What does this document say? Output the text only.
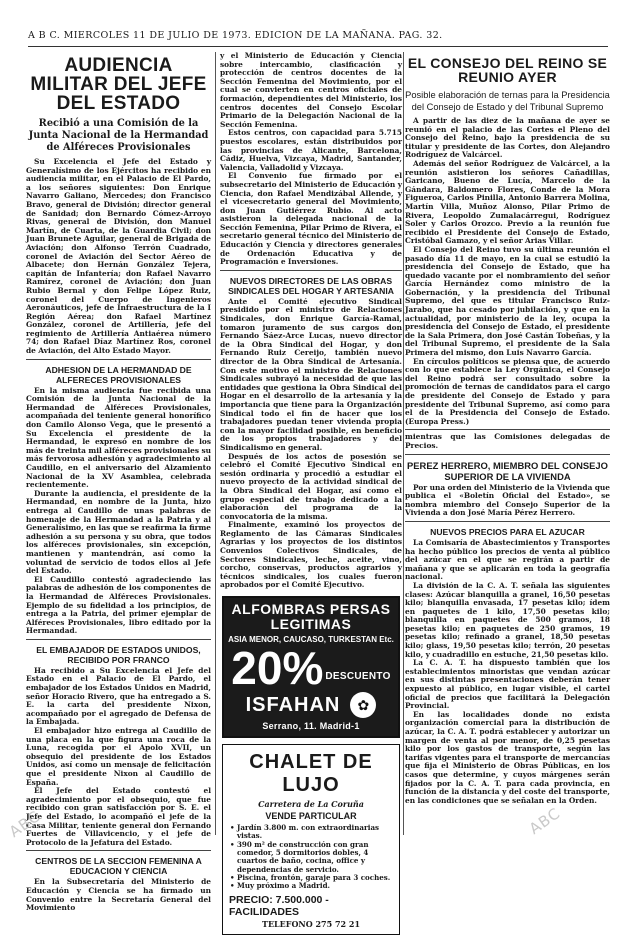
A B C. MIERCOLES 11 DE JULIO DE 1973. EDICION DE LA MAÑANA. PAG. 32.
AUDIENCIA MILITAR DEL JEFE DEL ESTADO
Recibió a una Comisión de la Junta Nacional de la Hermandad de Alféreces Provisionales

Su Excelencia el Jefe del Estado y Generalísimo de los Ejércitos ha recibido en audiencia militar, en el Palacio de El Pardo, a los señores siguientes: Don Enrique Navarro Galiano, Mercedes; don Francisco Bravo, general de División; director general de Sanidad; don Bernardo Cómez-Arroyo Rivas, general de División, don Manuel Martín, de Cuarta, de la Guardia Civil; don Juan Brunete Aguilar, general de Brigada de Aviación; don Alfonso Terrón Cuadrado, coronel de Aviación del Sector Aéreo de Albacete; don Hernán González Tejera, capitán de Infantería; don Rafael Navarro Ramírez, coronel de Aviación; don Juan Rubio Bernal y don Felipe López Ruiz, coronel del Cuerpo de Ingenieros Aeronáuticos, jefe de Infraestructura de la I Región Aérea; don Rafael Martínez González, coronel de Artillería, jefe del regimiento de Artillería Antiaérea número 74; don Rafael Díaz Martínez Ros, coronel de Aviación, del Alto Estado Mayor.

ADHESION DE LA HERMANDAD DE ALFERECES PROVISIONALES

En la misma audiencia fue recibida una Comisión de la Junta Nacional de la Hermandad de Alféreces Provisionales, acompañada del teniente general honorífico don Camilo Alonso Vega, que le presentó a Su Excelencia el presidente de la Hermandad, le expresó en nombre de los más de treinta mil alféreces provisionales su más fervorosa adhesión y agradecimiento al Caudillo, en el aniversario del Alzamiento Nacional de la XV Asamblea, celebrada recientemente.

Durante la audiencia, el presidente de la Hermandad, en nombre de la Junta, hizo entrega al Caudillo de unas palabras de homenaje de la Hermandad a la Patria y al Generalísimo, en las que se reafirma la firme adhesión a su persona y su obra, que todos los alféreces provisionales, sin excepción, mantienen y mantendrán, así como la voluntad de servicio de todos ellos al Jefe del Estado.

El Caudillo contestó agradeciendo las palabras de adhesión de los componentes de la Hermandad de Alféreces Provisionales. Ejemplo de su fidelidad a los principios, de entrega a la Patria, del primer ejemplar de Alféreces Provisionales, libro editado por la Hermandad.

EL EMBAJADOR DE ESTADOS UNIDOS, RECIBIDO POR FRANCO

Ha recibido a Su Excelencia el Jefe del Estado en el Palacio de El Pardo, el embajador de los Estados Unidos en Madrid, señor Horacio Rivero, que ha entregado a S. E. la carta del presidente Nixon, acompañado por el agregado de Defensa de la Embajada.

El embajador hizo entrega al Caudillo de una placa en la que figura una roca de la Luna, recogida por el Apolo XVII, un obsequio del presidente de los Estados Unidos, así como un mensaje de felicitación que el presidente Nixon al Caudillo de España.

El Jefe del Estado contestó el agradecimiento por el obsequio, que fue recibido con gran satisfacción por S. E. el Jefe del Estado, lo acompañó el jefe de la Casa Militar, teniente general don Fernando Fuertes de Villavicencio, y el jefe de Protocolo de la Jefatura del Estado.

CENTROS DE LA SECCION FEMENINA A EDUCACION Y CIENCIA

En la Subsecretaría del Ministerio de Educación y Ciencia se ha firmado un Convenio entre la Secretaría General del Movimiento

y el Ministerio de Educación y Ciencia sobre intercambio, clasificación y protección de centros docentes de la Sección Femenina del Movimiento, por el cual se convierten en centros oficiales de formación, dependientes del Ministerio, los centros docentes del Consejo Escolar Primario de la Delegación Nacional de la Sección Femenina.

Estos centros, con capacidad para 5.715 puestos escolares, están distribuidos por las provincias de Alicante, Barcelona, Cádiz, Huelva, Vizcaya, Madrid, Santander, Valencia, Valladolid y Vizcaya.

El Convenio fue firmado por el subsecretario del Ministerio de Educación y Ciencia, don Rafael Mendizábal Allende, y el vicesecretario general del Movimiento, don Juan Gutiérrez Rubio. Al acto asistieron la delegada nacional de la Sección Femenina, Pilar Primo de Rivera, el secretario general técnico del Ministerio de Educación y Ciencia y directores generales de Ordenación Educativa y de Programación e Inversiones.

NUEVOS DIRECTORES DE LAS OBRAS SINDICALES DEL HOGAR Y ARTESANIA

Ante el Comité ejecutivo Sindical presidido por el ministro de Relaciones Sindicales, don Enrique García-Ramal, tomaron juramento de sus cargos don Fernando Sáez-Arce Lucas, nuevo director de la Obra Sindical del Hogar, y don Fernando Ruiz Cereijo, también nuevo director de la Obra Sindical de Artesanía. Con este motivo el ministro de Relaciones Sindicales subrayó la necesidad de que las entidades que gestiona la Obra Sindical del Hogar en el desarrollo de la artesanía y la importancia que tiene para la Organización Sindical todo el fin de hacer que los trabajadores puedan tener vivienda propia con la mayor facilidad posible, en beneficio de los propios trabajadores y del Sindicalismo en general.

Después de los actos de posesión se celebró el Comité Ejecutivo Sindical en sesión ordinaria y procedió a estudiar el nuevo proyecto de la actividad sindical de la Obra Sindical del Hogar, así como el grupo especial de trabajo dedicado a la elaboración del programa de la convocatoria de la misma.

Finalmente, examinó los proyectos de Reglamento de las Cámaras Sindicales Agrarias y los proyectos de los distintos Convenios Colectivos Sindicales, de Sectores Sindicales, leche, aceite, vino, corcho, conservas, productos agrarios y técnicos sindicales, los cuales fueron aprobados por el Comité Ejecutivo.

ALFOMBRAS PERSAS
LEGITIMAS
ASIA MENOR, CAUCASO, TURKESTAN Etc.
20% DESCUENTO
ISFAHAN	✿
Serrano, 11. Madrid-1
CHALET DE LUJO
Carretera de La Coruña
VENDE PARTICULAR
• Jardín 3.800 m. con extraordinarias vistas.
• 390 m² de construcción con gran comedor, 5 dormitorios dobles, 4 cuartos de baño, cocina, office y dependencias de servicio.
• Piscina, frontón, garaje para 3 coches.
• Muy próximo a Madrid.
PRECIO: 7.500.000 - FACILIDADES
TELEFONO 275 72 21
EL CONSEJO DEL REINO SE REUNIO AYER
Posible elaboración de ternas para la Presidencia del Consejo de Estado y del Tribunal Supremo

A partir de las diez de la mañana de ayer se reunió en el palacio de las Cortes el Pleno del Consejo del Reino, bajo la presidencia de su titular y presidente de las Cortes, don Alejandro Rodríguez de Valcárcel.

Además del señor Rodríguez de Valcárcel, a la reunión asistieron los señores Cañadillas, Garicano, Bueno de Lucía, Marcelo de la Gándara, Baldomero Flores, Conde de la Mora Figueroa, Carlos Pinilla, Antonio Barrera Molina, Martín Villa, Muñoz Alonso, Pilar Primo de Rivera, Leopoldo Zumalacárregui, Rodríguez Soler y Carlos Orozco. Previo a la reunión fue recibido el Presidente del Consejo de Estado, Cristóbal Gamazo, y el señor Arias Villar.

El Consejo del Reino tuvo su última reunión el pasado día 11 de mayo, en la cual se estudió la presidencia del Consejo de Estado, que ha quedado vacante por el nombramiento del señor García Hernández como ministro de la Gobernación, y la presidencia del Tribunal Supremo, del que es titular Francisco Ruiz-Jarabo, que ha cesado por jubilación, y que en la actualidad, por ministerio de la ley, ocupa la presidencia del Consejo de Estado, el presidente de la Sala Primera, don José Castán Tobeñas, y la del Tribunal Supremo, el presidente de la Sala Primera del mismo, don Luis Navarro García.

En círculos políticos se piensa que, de acuerdo con lo que establece la Ley Orgánica, el Consejo del Reino podrá ser consultado sobre la promoción de ternas de candidatos para el cargo de presidente del Consejo de Estado y para presidente del Tribunal Supremo, así como para el de la Presidencia del Consejo de Estado. (Europa Press.)

mientras que las Comisiones delegadas de Precios.

PEREZ HERRERO, MIEMBRO DEL CONSEJO SUPERIOR DE LA VIVIENDA

Por una orden del Ministerio de la Vivienda que publica el «Boletín Oficial del Estado», se nombra miembro del Consejo Superior de la Vivienda a don José María Pérez Herrero.

NUEVOS PRECIOS PARA EL AZUCAR

La Comisaría de Abastecimientos y Transportes ha hecho público los precios de venta al público del azúcar en el que se regirán a partir de mañana y que se aplicarán en toda la geografía nacional.

La división de la C. A. T. señala las siguientes clases: Azúcar blanquilla a granel, 16,50 pesetas kilo; blanquilla envasada, 17 pesetas kilo; ídem en paquetes de 1 kilo, 17,50 pesetas kilo; blanquilla en paquetes de 500 gramos, 18 pesetas kilo; en paquetes de 250 gramos, 19 pesetas kilo; refinado a granel, 18,50 pesetas kilo; glass, 19,50 pesetas kilo; terrón, 20 pesetas kilo, y cuadradillo en estuche, 21,50 pesetas kilo.

La C. A. T. ha dispuesto también que los establecimientos minoristas que vendan azúcar en sus distintas presentaciones deberán tener expuesto al público, en lugar visible, el cartel oficial de precios que facilitará la Delegación Provincial.

En las localidades donde no exista organización comercial para la distribución de azúcar, la C. A. T. podrá establecer y autorizar un margen de venta al por menor, de 0,25 pesetas kilo por los gastos de transporte, según las tarifas vigentes para el transporte de mercancías que fija el Ministerio de Obras Públicas, en los casos que determine, y cuyos márgenes serán fijados por la C. A. T. para cada provincia, en función de la distancia y del coste del transporte, en las condiciones que se señalan en la Orden.

ABC	ABC
